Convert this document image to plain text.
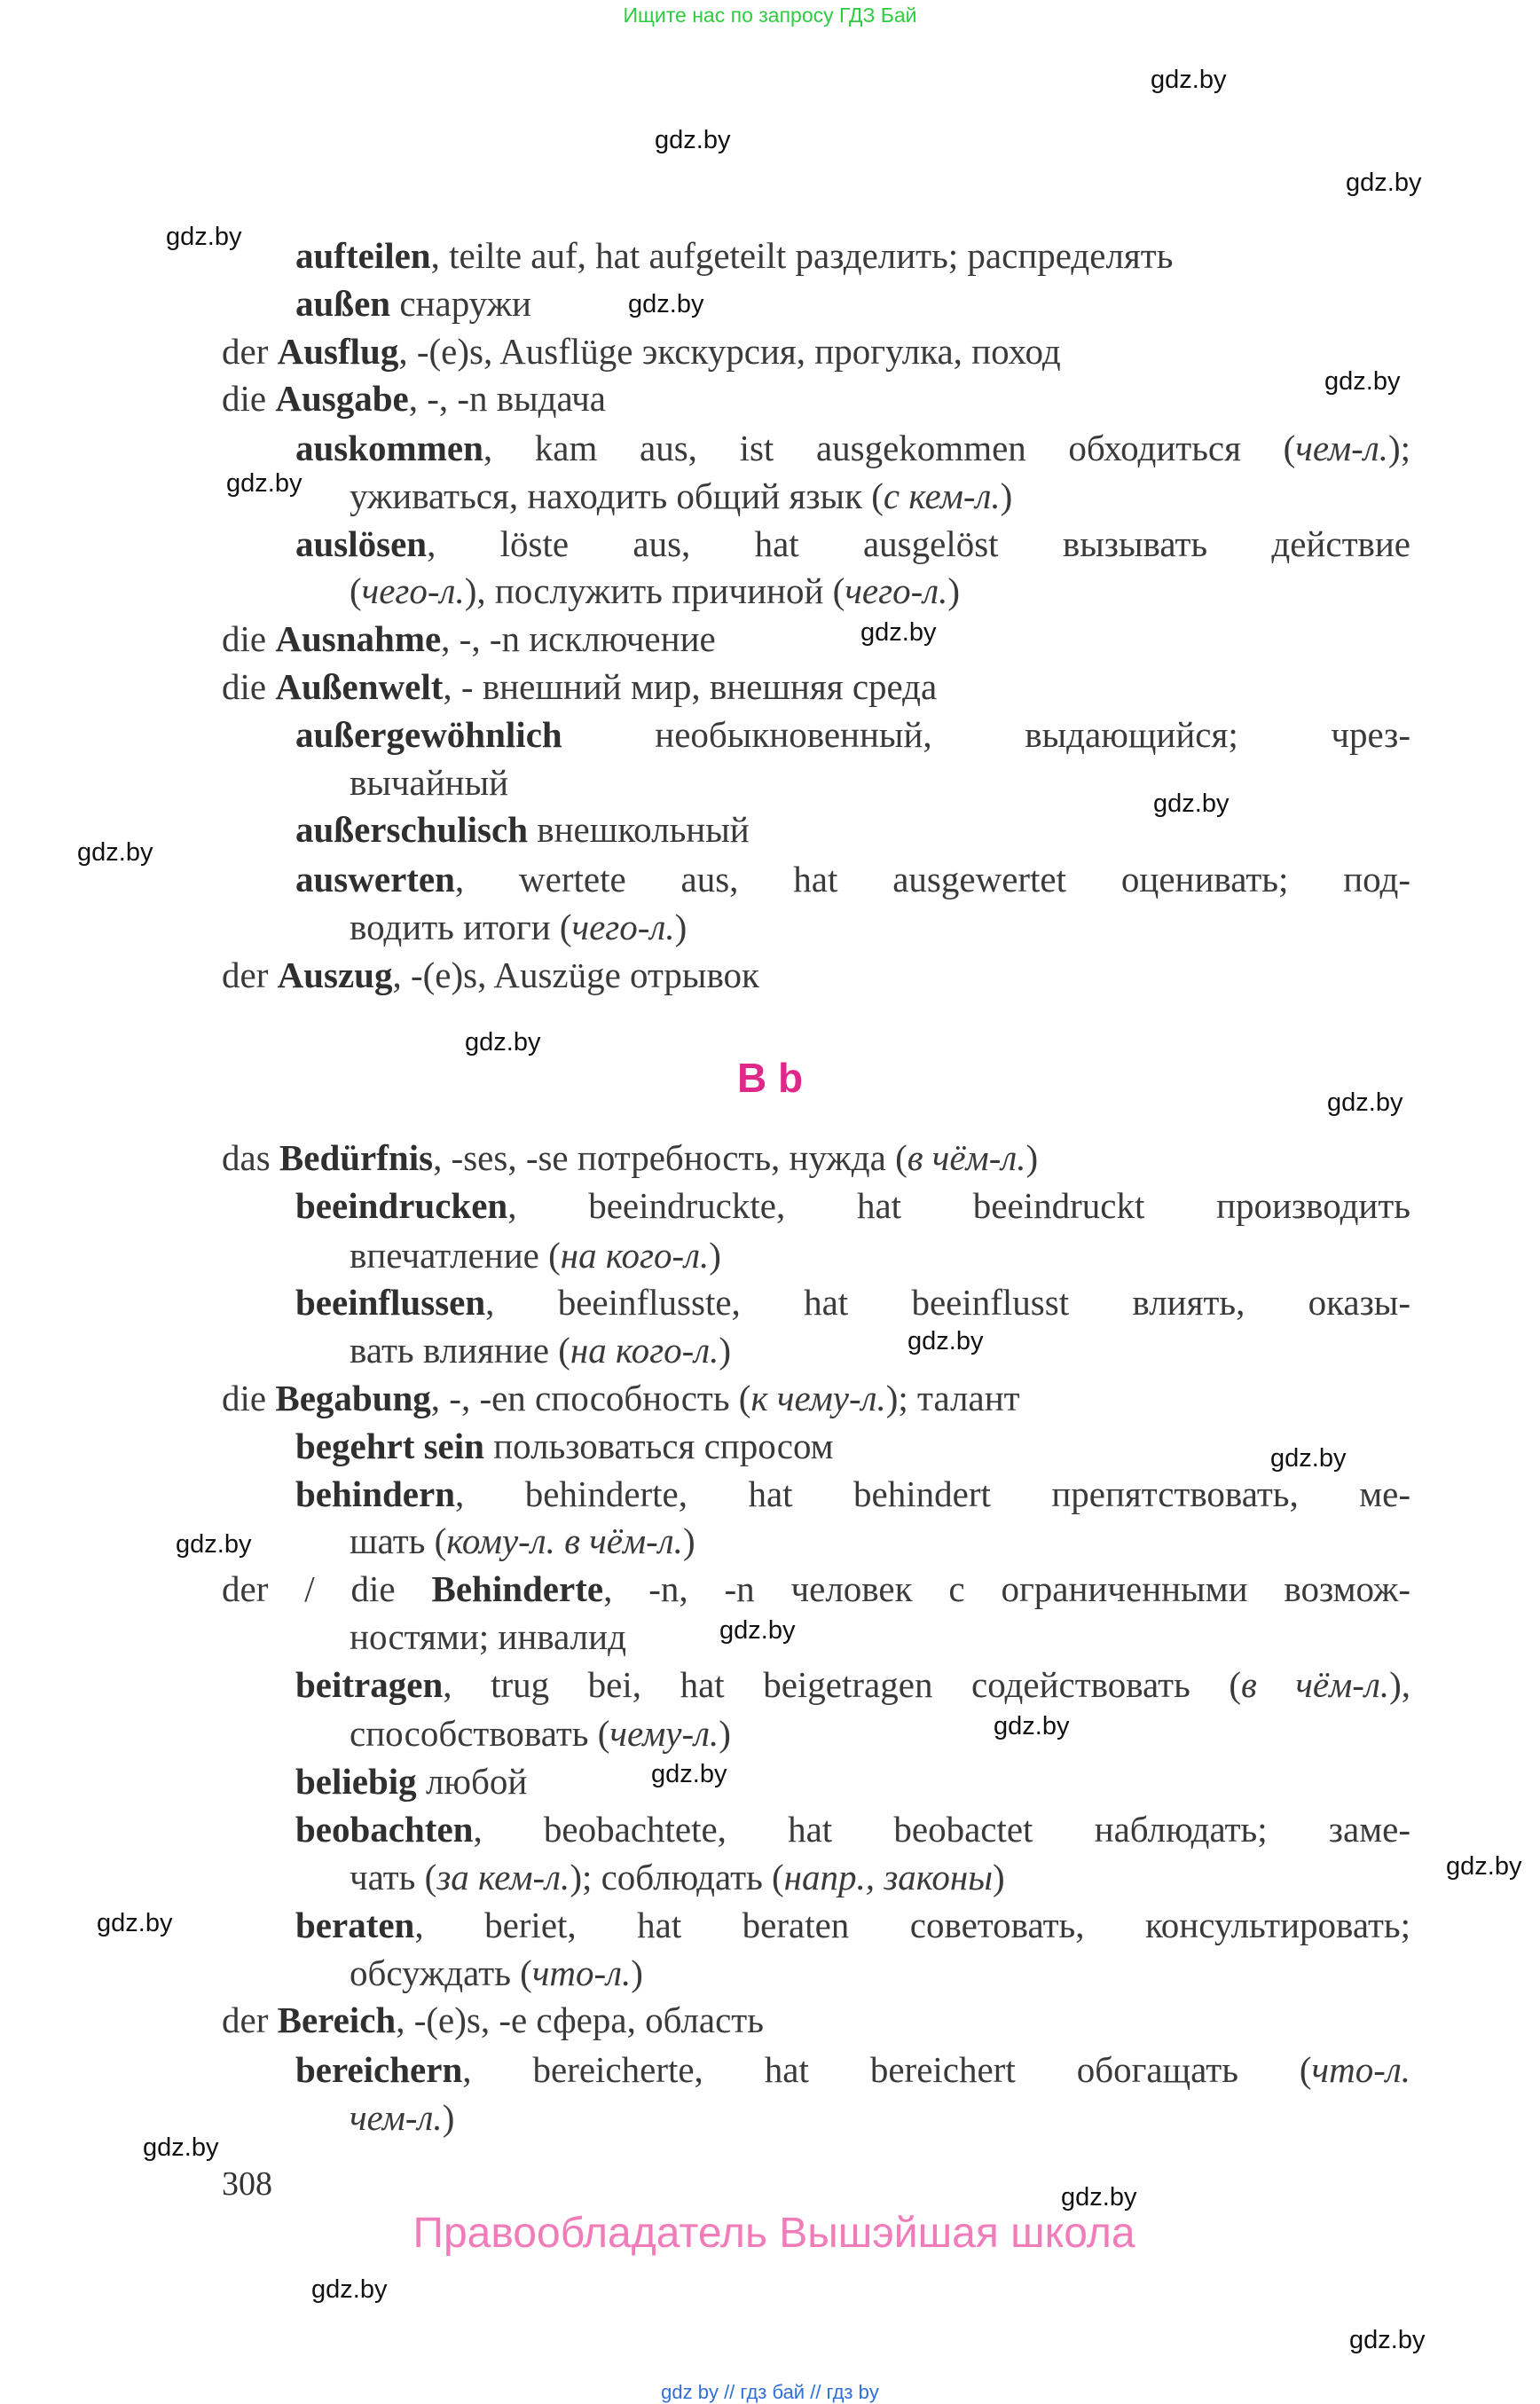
Ищите нас по запросу ГДЗ Бай
aufteilen, teilte auf, hat aufgeteilt разделить; распределять
außen снаружи
der Ausflug, -(e)s, Ausflüge экскурсия, прогулка, поход
die Ausgabe, -, -n выдача
auskommen, kam aus, ist ausgekommen обходиться (чем-л.);
уживаться, находить общий язык (с кем-л.)
auslösen, löste aus, hat ausgelöst вызывать действие
(чего-л.), послужить причиной (чего-л.)
die Ausnahme, -, -n исключение
die Außenwelt, - внешний мир, внешняя среда
außergewöhnlich необыкновенный, выдающийся; чрез-
вычайный
außerschulisch внешкольный
auswerten, wertete aus, hat ausgewertet оценивать; под-
водить итоги (чего-л.)
der Auszug, -(e)s, Auszüge отрывок
das Bedürfnis, -ses, -se потребность, нужда (в чём-л.)
beeindrucken, beeindruckte, hat beeindruckt производить
впечатление (на кого-л.)
beeinflussen, beeinflusste, hat beeinflusst влиять, оказы-
вать влияние (на кого-л.)
die Begabung, -, -en способность (к чему-л.); талант
begehrt sein пользоваться спросом
behindern, behinderte, hat behindert препятствовать, ме-
шать (кому-л. в чём-л.)
der / die Behinderte, -n, -n человек с ограниченными возмож-
ностями; инвалид
beitragen, trug bei, hat beigetragen содействовать (в чём-л.),
способствовать (чему-л.)
beliebig любой
beobachten, beobachtete, hat beobactet наблюдать; заме-
чать (за кем-л.); соблюдать (напр., законы)
beraten, beriet, hat beraten советовать, консультировать;
обсуждать (что-л.)
der Bereich, -(e)s, -e сфера, область
bereichern, bereicherte, hat bereichert обогащать (что-л.
чем-л.)
B b
308
Правообладатель Вышэйшая школа
gdz.by
gdz.by
gdz.by
gdz.by
gdz.by
gdz.by
gdz.by
gdz.by
gdz.by
gdz.by
gdz.by
gdz.by
gdz.by
gdz.by
gdz.by
gdz.by
gdz.by
gdz.by
gdz.by
gdz.by
gdz.by
gdz.by
gdz.by
gdz.by
gdz by // гдз бай // гдз by
